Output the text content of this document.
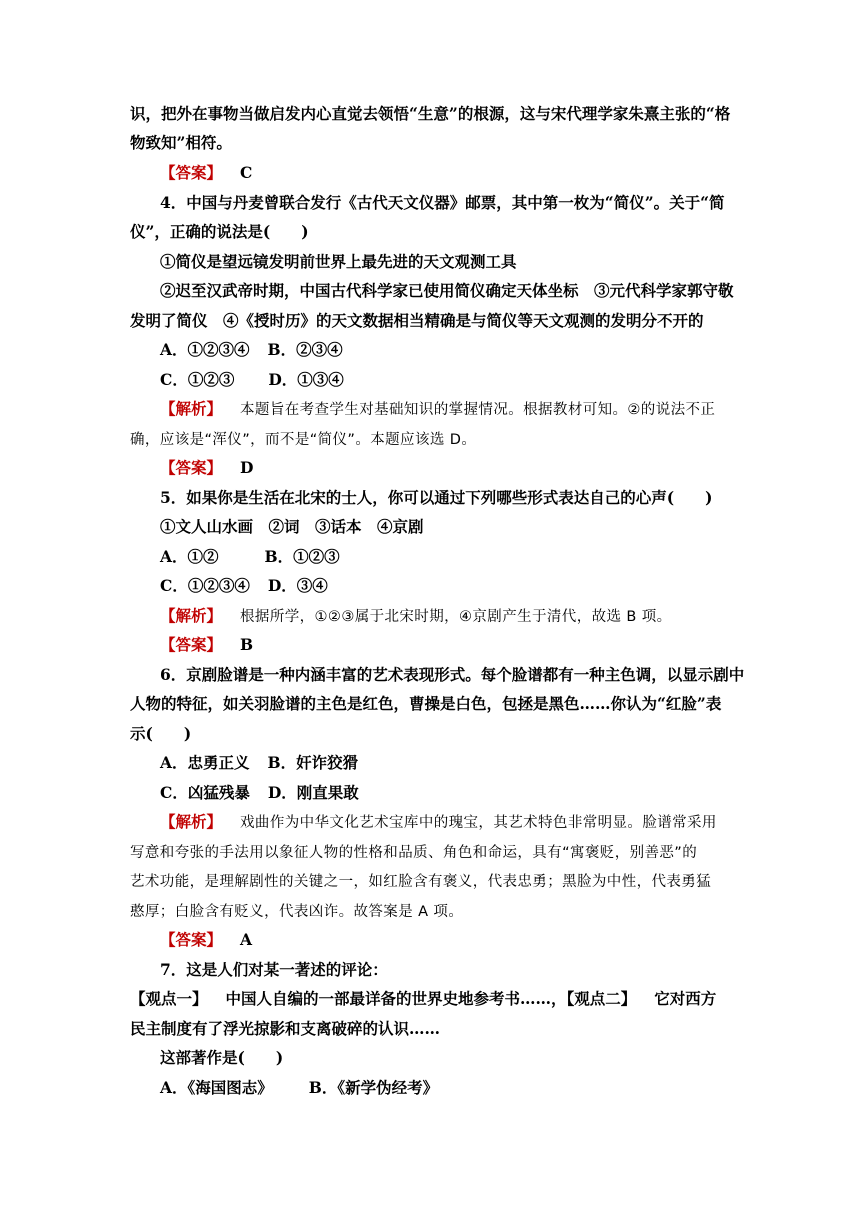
识，把外在事物当做启发内心直觉去领悟“生意”的根源，这与宋代理学家朱熹主张的“格
物致知”相符。
【答案】 C
4．中国与丹麦曾联合发行《古代天文仪器》邮票，其中第一枚为“简仪”。关于“简
仪”，正确的说法是(　　)
①简仪是望远镜发明前世界上最先进的天文观测工具
②迟至汉武帝时期，中国古代科学家已使用简仪确定天体坐标　③元代科学家郭守敬
发明了简仪　④《授时历》的天文数据相当精确是与简仪等天文观测的发明分不开的
A．①②③④ B．②③④
C．①②③ D．①③④
【解析】 本题旨在考查学生对基础知识的掌握情况。根据教材可知。②的说法不正
确，应该是“浑仪”，而不是“简仪”。本题应该选 D。
【答案】 D
5．如果你是生活在北宋的士人，你可以通过下列哪些形式表达自己的心声(　　)
①文人山水画　②词　③话本　④京剧
A．①②	B．①②③
C．①②③④ D．③④
【解析】 根据所学，①②③属于北宋时期，④京剧产生于清代，故选 B 项。
【答案】 B
6．京剧脸谱是一种内涵丰富的艺术表现形式。每个脸谱都有一种主色调，以显示剧中
人物的特征，如关羽脸谱的主色是红色，曹操是白色，包拯是黑色……你认为“红脸”表
示(　　)
A．忠勇正义 B．奸诈狡猾
C．凶猛残暴 D．刚直果敢
【解析】 戏曲作为中华文化艺术宝库中的瑰宝，其艺术特色非常明显。脸谱常采用
写意和夸张的手法用以象征人物的性格和品质、角色和命运，具有“寓褒贬，别善恶”的
艺术功能，是理解剧性的关键之一，如红脸含有褒义，代表忠勇；黑脸为中性，代表勇猛
憨厚；白脸含有贬义，代表凶诈。故答案是 A 项。
【答案】 A
7．这是人们对某一著述的评论：
【观点一】 中国人自编的一部最详备的世界史地参考书……，【观点二】 它对西方
民主制度有了浮光掠影和支离破碎的认识……
这部著作是(　　)
A．《海国图志》 B．《新学伪经考》
